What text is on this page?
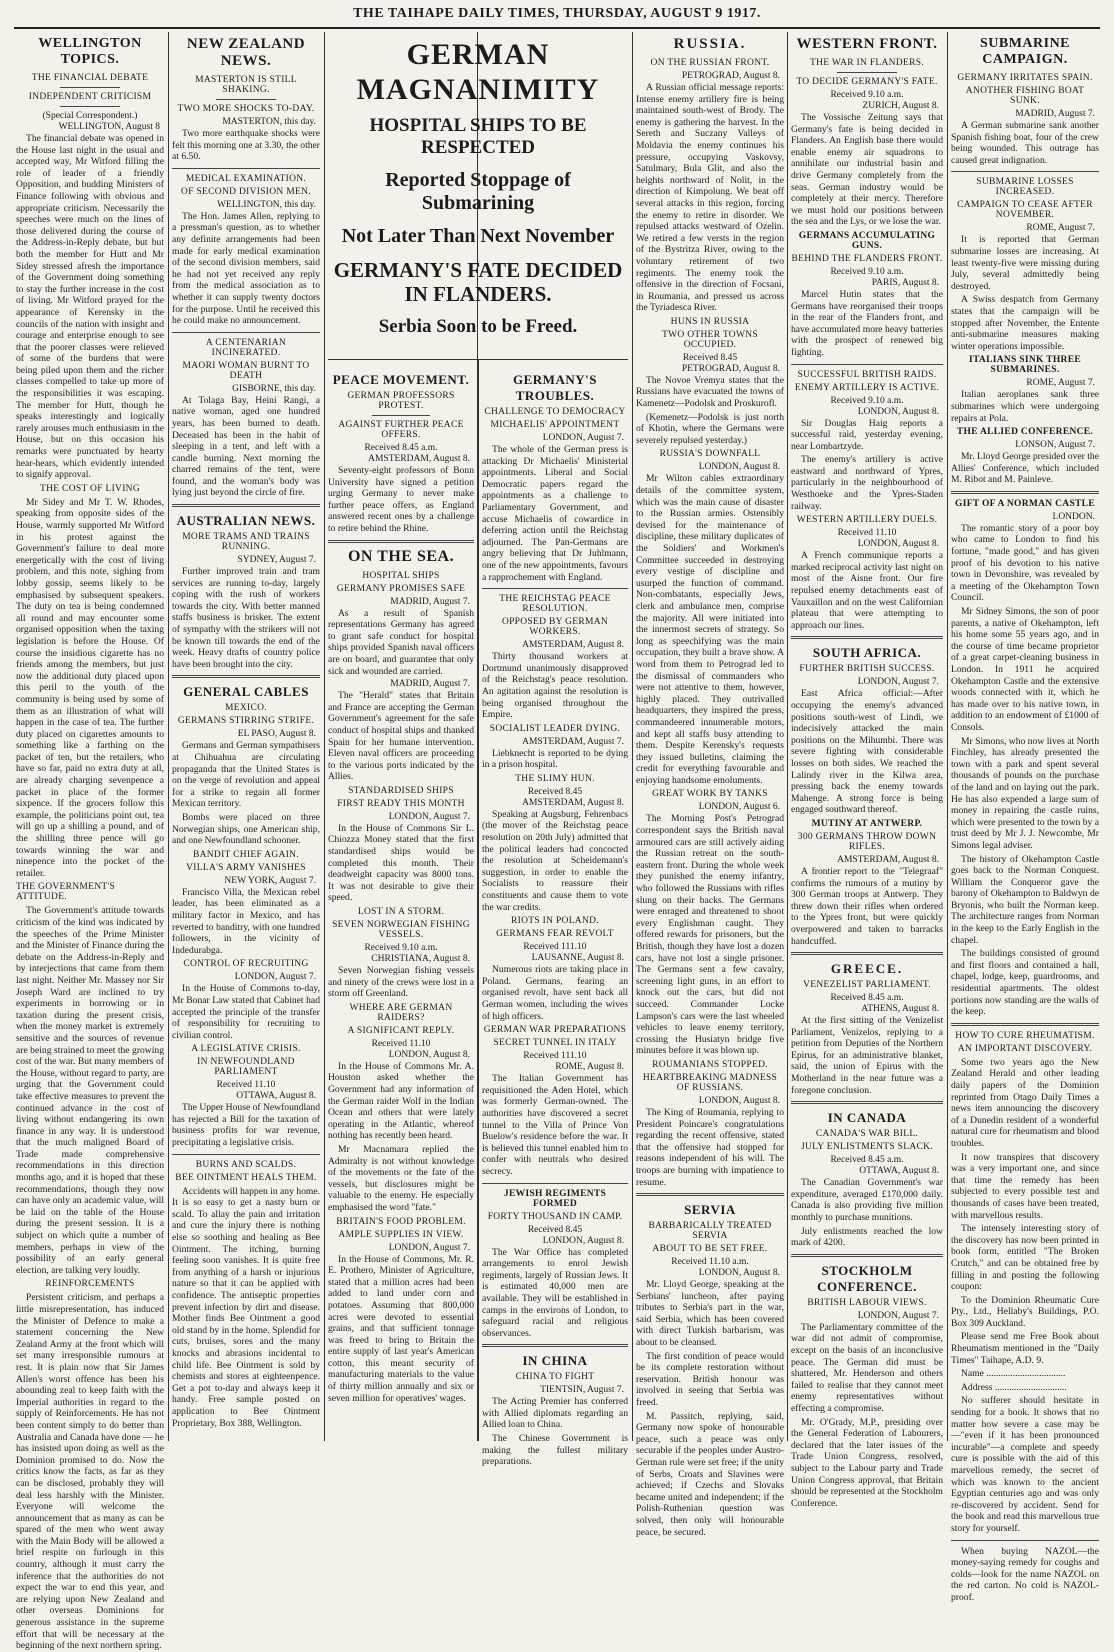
THE TAIHAPE DAILY TIMES, THURSDAY, AUGUST 9 1917.
WELLINGTON TOPICS.
THE FINANCIAL DEBATE
INDEPENDENT CRITICISM
(Special Correspondent.)
WELLINGTON, August 8

The financial debate was opened in the House last night in the usual and accepted way, Mr Witford filling the role of leader of a friendly Opposition, and budding Ministers of Finance following with obvious and appropriate criticism. Necessarily the speeches were much on the lines of those delivered during the course of the Address-in-Reply debate, but but both the member for Hutt and Mr Sidey stressed afresh the importance of the Government doing something to stay the further increase in the cost of living. Mr Witford prayed for the appearance of Kerensky in the councils of the nation with insight and courage and enterprise enough to see that the poorer classes were relieved of some of the burdens that were being piled upon them and the richer classes compelled to take up more of the responsibilities it was escaping. The member for Hutt, though he speaks interestingly and logically rarely arouses much enthusiasm in the House, but on this occasion his remarks were punctuated by hearty hear-hears, which evidently intended to signify approval.

THE COST OF LIVING

Mr Sidey and Mr T. W. Rhodes, speaking from opposite sides of the House, warmly supported Mr Witford in his protest against the Government's failure to deal more energetically with the cost of living problem, and this note, sighing from lobby gossip, seems likely to be emphasised by subsequent speakers. The duty on tea is being condemned all round and may encounter some organised opposition when the taxing legislation is before the House. Of course the insidious cigarette has no friends among the members, but just now the additional duty placed upon this peril to the youth of the community is being used by some of them as an illustration of what will happen in the case of tea. The further duty placed on cigarettes amounts to something like a farthing on the packet of ten, but the retailers, who have so far, paid no extra duty at all, are already charging sevenpence a packet in place of the former sixpence. If the grocers follow this example, the politicians point out, tea will go up a shilling a pound, and of the shilling three pence will go towards winning the war and ninepence into the pocket of the retailer.

THE GOVERNMENT'S ATTITUDE.

The Government's attitude towards criticism of the kind was indicated by the speeches of the Prime Minister and the Minister of Finance during the debate on the Address-in-Reply and by interjections that came from them last night. Neither Mr. Massey nor Sir Joseph Ward are inclined to try experiments in borrowing or in taxation during the present crisis, when the money market is extremely sensitive and the sources of revenue are being strained to meet the growing cost of the war. But many members of the House, without regard to party, are urging that the Government could take effective measures to prevent the continued advance in the cost of living without endangering its own finance in any way. It is understood that the much maligned Board of Trade made comprehensive recommendations in this direction months ago, and it is hoped that these recommendations, though they now can have only an academic value, will be laid on the table of the House during the present session. It is a subject on which quite a number of members, perhaps in view of the possibility of an early general election, are talking very loudly.

REINFORCEMENTS

Persistent criticism, and perhaps a little misrepresentation, has induced the Minister of Defence to make a statement concerning the New Zealand Army at the front which will set many irresponsible rumours at rest. It is plain now that Sir James Allen's worst offence has been his abounding zeal to keep faith with the Imperial authorities in regard to the supply of Reinforcements. He has not been content simply to do better than Australia and Canada have done — he has insisted upon doing as well as the Dominion promised to do. Now the critics know the facts, as far as they can be disclosed, probably they will deal less harshly with the Minister. Everyone will welcome the announcement that as many as can be spared of the men who went away with the Main Body will be allowed a brief respite on furlough in this country, although it must carry the inference that the authorities do not expect the war to end this year, and are relying upon New Zealand and other overseas Dominions for generous assistance in the supreme effort that will be necessary at the beginning of the next northern spring.

NEW ZEALAND NEWS.
MASTERTON IS STILL SHAKING.
TWO MORE SHOCKS TO-DAY.
MASTERTON, this day.

Two more earthquake shocks were felt this morning one at 3.30, the other at 6.50.

MEDICAL EXAMINATION.
OF SECOND DIVISION MEN.
WELLINGTON, this day.

The Hon. James Allen, replying to a pressman's question, as to whether any definite arrangements had been made for early medical examination of the second division members, said he had not yet received any reply from the medical association as to whether it can supply twenty doctors for the purpose. Until he received this he could make no announcement.

A CENTENARIAN INCINERATED.
MAORI WOMAN BURNT TO DEATH
GISBORNE, this day.

At Tolaga Bay, Heini Rangi, a native woman, aged one hundred years, has been burned to death. Deceased has been in the habit of sleeping in a tent, and left with a candle burning. Next morning the charred remains of the tent, were found, and the woman's body was lying just beyond the circle of fire.

AUSTRALIAN NEWS.
MORE TRAMS AND TRAINS RUNNING.
SYDNEY, August 7.

Further improved train and tram services are running to-day, largely coping with the rush of workers towards the city. With better manned staffs business is brisker. The extent of sympathy with the strikers will not be known till towards the end of the week. Heavy drafts of country police have been brought into the city.

GENERAL CABLES
MEXICO.
GERMANS STIRRING STRIFE.
EL PASO, August 8.

Germans and German sympathisers at Chihuahua are circulating propaganda that the United States is on the verge of revolution and appeal for a strike to regain all former Mexican territory.

Bombs were placed on three Norwegian ships, one American ship, and one Newfoundland schooner.

BANDIT CHIEF AGAIN.
VILLA'S ARMY VANISHES
NEW YORK, August 7.

Francisco Villa, the Mexican rebel leader, has been eliminated as a military factor in Mexico, and has reverted to banditry, with one hundred followers, in the vicinity of Indedurabga.

CONTROL OF RECRUITING
LONDON, August 7.

In the House of Commons to-day, Mr Bonar Law stated that Cabinet had accepted the principle of the transfer of responsibility for recruiting to civilian control.

A LEGISLATIVE CRISIS.
IN NEWFOUNDLAND PARLIAMENT
Received 11.10
OTTAWA, August 8.

The Upper House of Newfoundland has rejected a Bill for the taxation of business profits for war revenue, precipitating a legislative crisis.

BURNS AND SCALDS.
BEE OINTMENT HEALS THEM.

Accidents will happen in any home. It is so easy to get a nasty burn or scald. To allay the pain and irritation and cure the injury there is nothing else so soothing and healing as Bee Ointment. The itching, burning feeling soon vanishes. It is quite free from anything of a harsh or injurious nature so that it can be applied with confidence. The antiseptic properties prevent infection by dirt and disease. Mother finds Bee Ointment a good old stand by in the home. Splendid for cuts, bruises, sores and the many knocks and abrasions incidental to child life. Bee Ointment is sold by chemists and stores at eighteenpence. Get a pot to-day and always keep it handy. Free sample posted on application to Bee Ointment Proprietary, Box 388, Wellington.

GERMAN MAGNANIMITY
HOSPITAL SHIPS TO BE RESPECTED
Reported Stoppage of Submarining
Not Later Than Next November
GERMANY'S FATE DECIDED IN FLANDERS.
Serbia Soon to be Freed.
PEACE MOVEMENT.
GERMAN PROFESSORS PROTEST.
AGAINST FURTHER PEACE OFFERS.
Received 8.45 a.m.
AMSTERDAM, August 8.

Seventy-eight professors of Bonn University have signed a petition urging Germany to never make further peace offers, as England answered recent ones by a challenge to retire behind the Rhine.

ON THE SEA.
HOSPITAL SHIPS
GERMANY PROMISES SAFE
MADRID, August 7.

As a result of Spanish representations Germany has agreed to grant safe conduct for hospital ships provided Spanish naval officers are on board, and guarantee that only sick and wounded are carried.

MADRID, August 7.

The "Herald" states that Britain and France are accepting the German Government's agreement for the safe conduct of hospital ships and thanked Spain for her humane intervention. Eleven naval officers are proceeding to the various ports indicated by the Allies.

STANDARDISED SHIPS
FIRST READY THIS MONTH
LONDON, August 7.

In the House of Commons Sir L. Chiozza Money stated that the first standardised ships would be completed this month. Their deadweight capacity was 8000 tons. It was not desirable to give their speed.

LOST IN A STORM.
SEVEN NORWEGIAN FISHING VESSELS.
Received 9.10 a.m.
CHRISTIANA, August 8.

Seven Norwegian fishing vessels and ninety of the crews were lost in a storm off Greenland.

WHERE ARE GERMAN RAIDERS?
A SIGNIFICANT REPLY.
Received 11.10
LONDON, August 8.

In the House of Commons Mr. A. Houston asked whether the Government had any information of the German raider Wolf in the Indian Ocean and others that were lately operating in the Atlantic, whereof nothing has recently been heard.

Mr Macnamara replied the Admiralty is not without knowledge of the movements or the fate of the vessels, but disclosures might be valuable to the enemy. He especially emphasised the word "fate."

BRITAIN'S FOOD PROBLEM.
AMPLE SUPPLIES IN VIEW.
LONDON, August 7.

In the House of Commons, Mr. R. E. Prothero, Minister of Agriculture, stated that a million acres had been added to land under corn and potatoes. Assuming that 800,000 acres were devoted to essential grains, and that sufficient tonnage was freed to bring to Britain the entire supply of last year's American cotton, this meant security of manufacturing materials to the value of thirty million annually and six or seven million for operatives' wages.

GERMANY'S TROUBLES.
CHALLENGE TO DEMOCRACY
MICHAELIS' APPOINTMENT
LONDON, August 7.

The whole of the German press is attacking Dr Michaelis' Ministerial appointments. Liberal and Social Democratic papers regard the appointments as a challenge to Parliamentary Government, and accuse Michaelis of cowardice in deferring action until the Reichstag adjourned. The Pan-Germans are angry believing that Dr Juhlmann, one of the new appointments, favours a rapprochement with England.

THE REICHSTAG PEACE RESOLUTION.
OPPOSED BY GERMAN WORKERS.
AMSTERDAM, August 8.

Thirty thousand workers at Dortmund unanimously disapproved of the Reichstag's peace resolution. An agitation against the resolution is being organised throughout the Empire.

SOCIALIST LEADER DYING.
AMSTERDAM, August 7.

Liebknecht is reported to be dying in a prison hospital.

THE SLIMY HUN.
Received 8.45
AMSTERDAM, August 8.

Speaking at Augsburg, Fehrenbacs (the mover of the Reichstag peace resolution on 20th July) admitted that the political leaders had concocted the resolution at Scheidemann's suggestion, in order to enable the Socialists to reassure their constituents and cause them to vote the war credits.

RIOTS IN POLAND.
GERMANS FEAR REVOLT
Received 111.10
LAUSANNE, August 8.

Numerous riots are taking place in Poland. Germans, fearing an organised revolt, have sent back all German women, including the wives of high officers.

GERMAN WAR PREPARATIONS
SECRET TUNNEL IN ITALY
Received 111.10
ROME, August 8.

The Italian Government has requisitioned the Aden Hotel, which was formerly German-owned. The authorities have discovered a secret tunnel to the Villa of Prince Von Buelow's residence before the war. It is believed this tunnel enabled him to confer with neutrals who desired secrecy.

JEWISH REGIMENTS FORMED
FORTY THOUSAND IN CAMP.
Received 8.45
LONDON, August 8.

The War Office has completed arrangements to enrol Jewish regiments, largely of Russian Jews. It is estimated 40,000 men are available. They will be established in camps in the environs of London, to safeguard racial and religious observances.

IN CHINA
CHINA TO FIGHT
TIENTSIN, August 7.

The Acting Premier has conferred with Allied diplomats regarding an Allied loan to China.

The Chinese Government is making the fullest military preparations.

RUSSIA.
ON THE RUSSIAN FRONT.
PETROGRAD, August 8.

A Russian official message reports: Intense enemy artillery fire is being maintained south-west of Brody. The enemy is gathering the harvest. In the Sereth and Suczany Valleys of Moldavia the enemy continues his pressure, occupying Vaskovsy, Satulmary, Bula Glit, and also the heights northward of Nolit, in the direction of Kimpolung. We beat off several attacks in this region, forcing the enemy to retire in disorder. We repulsed attacks westward of Ozelin. We retired a few versts in the region of the Bystritza River, owing to the voluntary retirement of two regiments. The enemy took the offensive in the direction of Focsani, in Roumania, and pressed us across the Tyriadesca River.

HUNS IN RUSSIA
TWO OTHER TOWNS OCCUPIED.
Received 8.45
PETROGRAD, August 8.

The Novoe Vremya states that the Russians have evacuated the towns of Kamenetz—Podolsk and Proskurofl.

(Kemenetz—Podolsk is just north of Khotin, where the Germans were severely repulsed yesterday.)

RUSSIA'S DOWNFALL
LONDON, August 8.

Mr Wilton cables extraordinary details of the committee system, which was the main cause of disaster to the Russian armies. Ostensibly devised for the maintenance of discipline, these military duplicates of the Soldiers' and Workmen's Committee succeeded in destroying every vestige of discipline and usurped the function of command. Non-combatants, especially Jews, clerk and ambulance men, comprise the majority. All were initiated into the innermost secrets of strategy. So long as speechifying was the main occupation, they built a brave show. A word from them to Petrograd led to the dismissal of commanders who were not attentive to them, however, highly placed. They outrivalled headquarters, they inspired the press, commandeered innumerable motors, and kept all staffs busy attending to them. Despite Kerensky's requests they issued bulletins, claiming the credit for everything favourable and enjoying handsome emoluments.

GREAT WORK BY TANKS
LONDON, August 6.

The Morning Post's Petrograd correspondent says the British naval armoured cars are still actively aiding the Russian retreat on the south-eastern front. During the whole week they punished the enemy infantry, who followed the Russians with rifles slung on their backs. The Germans were enraged and threatened to shoot every Englishman caught. They offered rewards for prisoners, but the British, though they have lost a dozen cars, have not lost a single prisoner. The Germans sent a few cavalry, screening light guns, in an effort to knock out the cars, but did not succeed. Commander Locke Lampson's cars were the last wheeled vehicles to leave enemy territory, crossing the Husiatyn bridge five minutes before it was blown up.

ROUMANIANS STOPPED.
HEARTBREAKING MADNESS OF RUSSIANS.
LONDON, August 8.

The King of Roumania, replying to President Poincare's congratulations regarding the recent offensive, stated that the offensive had stopped for reasons independent of his will. The troops are burning with impatience to resume.

SERVIA
BARBARICALLY TREATED SERVIA
ABOUT TO BE SET FREE.
Received 11.10 a.m.
LONDON, August 8.

Mr. Lloyd George, speaking at the Serbians' luncheon, after paying tributes to Serbia's part in the war, said Serbia, which has been covered with direct Turkish barbarism, was about to be cleansed.

The first condition of peace would be its complete restoration without reservation. British honour was involved in seeing that Serbia was freed.

M. Passitch, replying, said, Germany now spoke of honourable peace, such a peace was only securable if the peoples under Austro-German rule were set free; if the unity of Serbs, Croats and Slavines were achieved; if Czechs and Slovaks became united and independent; if the Polish-Ruthenian question was solved, then only will honourable peace, be secured.

WESTERN FRONT.
THE WAR IN FLANDERS.
TO DECIDE GERMANY'S FATE.
Received 9.10 a.m.
ZURICH, August 8.

The Vossische Zeitung says that Germany's fate is being decided in Flanders. An English base there would enable enemy air squadrons to annihilate our industrial basin and drive Germany completely from the seas. German industry would be completely at their mercy. Therefore we must hold our positions between the sea and the Lys, or we lose the war.

GERMANS ACCUMULATING GUNS.
BEHIND THE FLANDERS FRONT.
Received 9.10 a.m.
PARIS, August 8.

Marcel Hutin states that the Germans have reorganised their troops in the rear of the Flanders front, and have accumulated more heavy batteries with the prospect of renewed big fighting.

SUCCESSFUL BRITISH RAIDS.
ENEMY ARTILLERY IS ACTIVE.
Received 9.10 a.m.
LONDON, August 8.

Sir Douglas Haig reports a successful raid, yesterday evening, near Lombartzyde.

The enemy's artillery is active eastward and northward of Ypres, particularly in the neighbourhood of Westhoeke and the Ypres-Staden railway.

WESTERN ARTILLERY DUELS.
Received 11.10
LONDON, August 8.

A French communique reports a marked reciprocal activity last night on most of the Aisne front. Our fire repulsed enemy detachments east of Vauxaillon and on the west Californian plateau that were attempting to approach our lines.

SOUTH AFRICA.
FURTHER BRITISH SUCCESS.
LONDON, August 7.

East Africa official:—After occupying the enemy's advanced positions south-west of Lindi, we indecisively attacked the main positions on the Mihumbi. There was severe fighting with considerable losses on both sides. We reached the Lalindy river in the Kilwa area, pressing back the enemy towards Mahenge. A strong force is being engaged southward thereof.

MUTINY AT ANTWERP.
300 GERMANS THROW DOWN RIFLES.
AMSTERDAM, August 8.

A frontier report to the "Telegraaf" confirms the rumours of a mutiny by 300 German troops at Antwerp. They threw down their rifles when ordered to the Ypres front, but were quickly overpowered and taken to barracks handcuffed.

GREECE.
VENEZELIST PARLIAMENT.
Received 8.45 a.m.
ATHENS, August 8.

At the first sitting of the Venizelist Parliament, Venizelos, replying to a petition from Deputies of the Northern Epirus, for an administrative blanket, said, the union of Epirus with the Motherland in the near future was a foregone conclusion.

IN CANADA
CANADA'S WAR BILL.
JULY ENLISTMENTS SLACK.
Received 8.45 a.m.
OTTAWA, August 8.

The Canadian Government's war expenditure, averaged £170,000 daily. Canada is also providing five million monthly to purchase munitions.

July enlistments reached the low mark of 4200.

STOCKHOLM CONFERENCE.
BRITISH LABOUR VIEWS.
LONDON, August 7.

The Parliamentary committee of the war did not admit of compromise, except on the basis of an inconclusive peace. The German did must be shattered, Mr. Henderson and others failed to realise that they cannot meet enemy representatives without effecting a compromise.

Mr. O'Grady, M.P., presiding over the General Federation of Labourers, declared that the later issues of the Trade Union Congress, resolved, subject to the Labour party and Trade Union Congress approval, that Britain should be represented at the Stockholm Conference.

SUBMARINE CAMPAIGN.
GERMANY IRRITATES SPAIN.
ANOTHER FISHING BOAT SUNK.
MADRID, August 7.

A German submarine sank another Spanish fishing boat, four of the crew being wounded. This outrage has caused great indignation.

SUBMARINE LOSSES INCREASED.
CAMPAIGN TO CEASE AFTER NOVEMBER.
ROME, August 7.

It is reported that German submarine losses are increasing. At least twenty-five were missing during July, several admittedly being destroyed.

A Swiss despatch from Germany states that the campaign will be stopped after November, the Entente anti-submarine measures making winter operations impossible.

ITALIANS SINK THREE SUBMARINES.
ROME, August 7.

Italian aeroplanes sank three submarines which were undergoing repairs at Pola.

THE ALLIED CONFERENCE.
LONSON, August 7.

Mr. Lloyd George presided over the Allies' Conference, which included M. Ribot and M. Painleve.

GIFT OF A NORMAN CASTLE
LONDON.

The romantic story of a poor boy who came to London to find his fortune, "made good," and has given proof of his devotion to his native town in Devonshire, was revealed by a meeting of the Okehampton Town Council.

Mr Sidney Simons, the son of poor parents, a native of Okehampton, left his home some 55 years ago, and in the course of time became proprietor of a great carpet-cleaning business in London. In 1911 he acquired Okehampton Castle and the extensive woods connected with it, which he has made over to his native town, in addition to an endowment of £1000 of Consols.

Mr Simons, who now lives at North Finchley, has already presented the town with a park and spent several thousands of pounds on the purchase of the land and on laying out the park. He has also expended a large sum of money in repairing the castle ruins, which were presented to the town by a trust deed by Mr J. J. Newcombe, Mr Simons legal adviser.

The history of Okehampton Castle goes back to the Norman Conquest. William the Conqueror gave the barony of Okehampton to Baldwyn de Bryonis, who built the Norman keep. The architecture ranges from Norman in the keep to the Early English in the chapel.

The buildings consisted of ground and first floors and contained a hall, chapel, lodge, keep, guardrooms, and residential apartments. The oldest portions now standing are the walls of the keep.

HOW TO CURE RHEUMATISM.
AN IMPORTANT DISCOVERY.

Some two years ago the New Zealand Herald and other leading daily papers of the Dominion reprinted from Otago Daily Times a news item announcing the discovery of a Dunedin resident of a wonderful natural cure for rheumatism and blood troubles.

It now transpires that discovery was a very important one, and since that time the remedy has been subjected to every possible test and thousands of cases have been treated, with marvellous results.

The intensely interesting story of the discovery has now been printed in book form, entitled "The Broken Crutch," and can be obtained free by filling in and posting the following coupon:

To the Dominion Rheumatic Cure Pty., Ltd., Hellaby's Buildings, P.O. Box 309 Auckland.

Please send me Free Book about Rheumatism mentioned in the "Daily Times" Taihape, A.D. 9.

Name .................................

Address ..............................

No sufferer should hesitate in sending for a book. It shows that no matter how severe a case may be—"even if it has been pronounced incurable"—a complete and speedy cure is possible with the aid of this marvellous remedy, the secret of which was known to the ancient Egyptian centuries ago and was only re-discovered by accident. Send for the book and read this marvellous true story for yourself.

When buying NAZOL—the money-saying remedy for coughs and colds—look for the name NAZOL on the red carton. No cold is NAZOL-proof.
